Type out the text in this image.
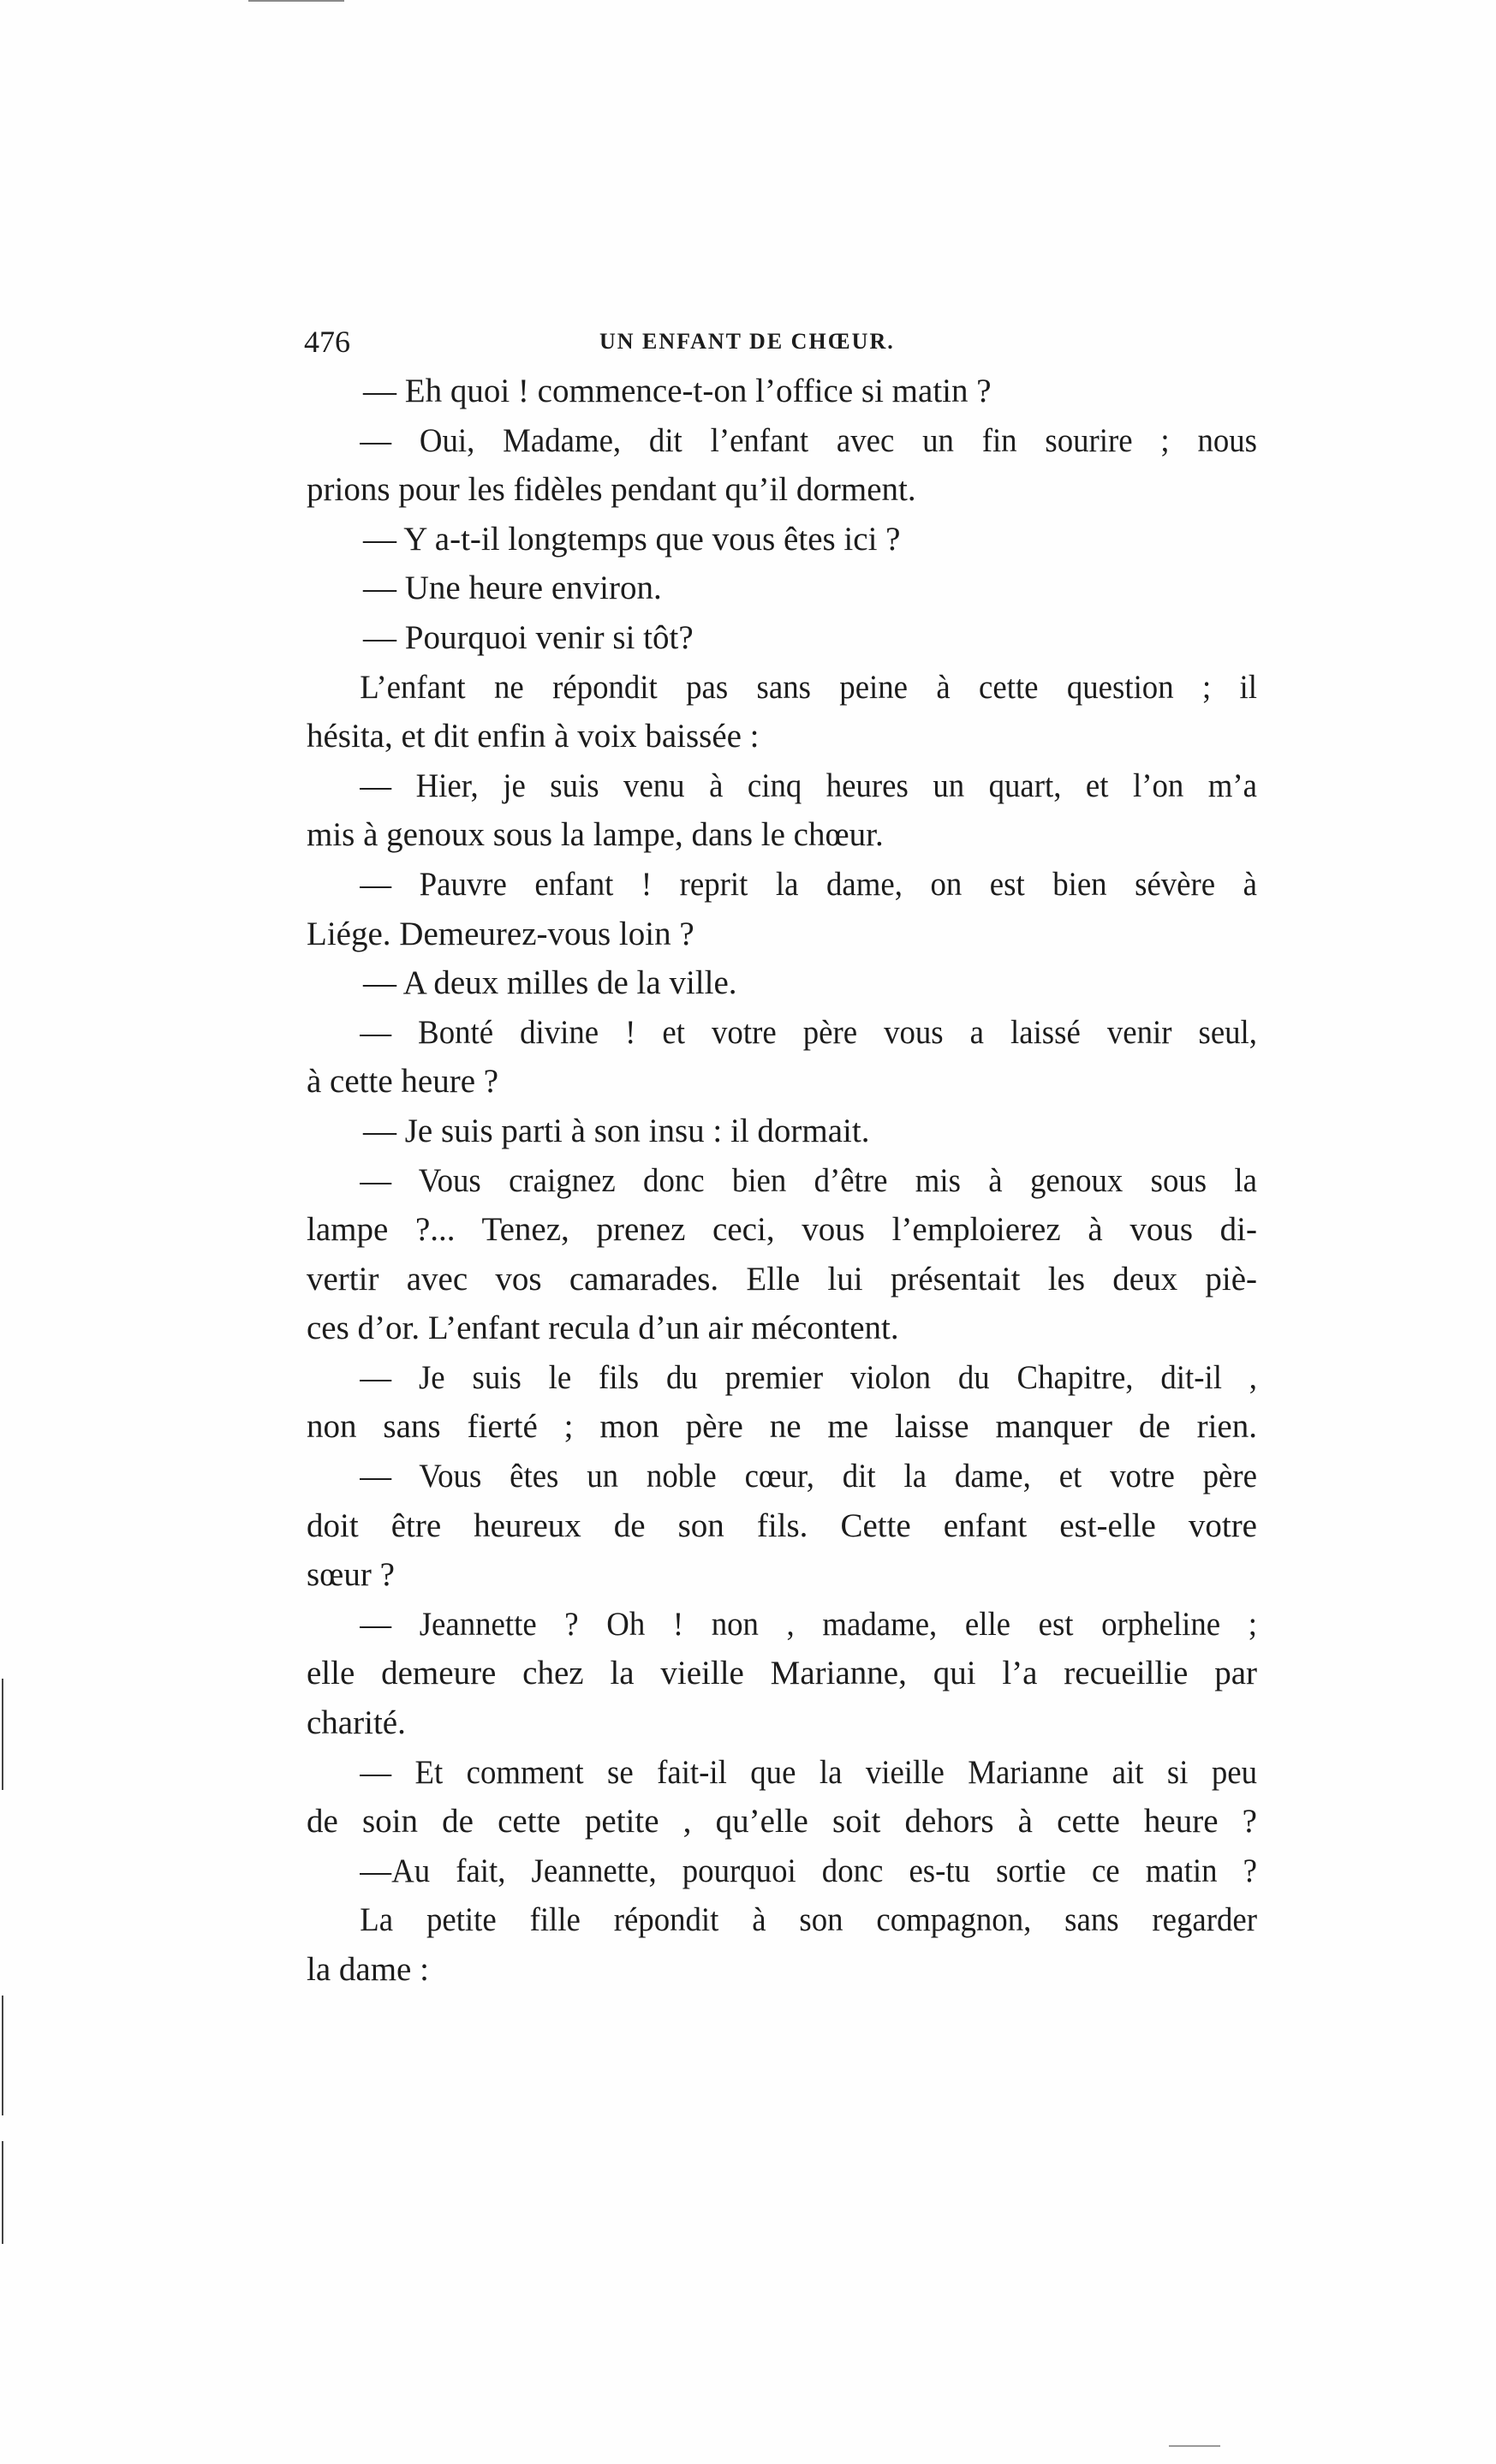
476	UN ENFANT DE CHŒUR.
— Eh quoi ! commence-t-on l’office si matin ?
— Oui, Madame, dit l’enfant avec un fin sourire ; nous
prions pour les fidèles pendant qu’il dorment.
— Y a-t-il longtemps que vous êtes ici ?
— Une heure environ.
— Pourquoi venir si tôt?
L’enfant ne répondit pas sans peine à cette question ; il
hésita, et dit enfin à voix baissée :
— Hier, je suis venu à cinq heures un quart, et l’on m’a
mis à genoux sous la lampe, dans le chœur.
— Pauvre enfant ! reprit la dame, on est bien sévère à
Liége. Demeurez-vous loin ?
— A deux milles de la ville.
— Bonté divine ! et votre père vous a laissé venir seul,
à cette heure ?
— Je suis parti à son insu : il dormait.
— Vous craignez donc bien d’être mis à genoux sous la
lampe ?... Tenez, prenez ceci, vous l’emploierez à vous di-
vertir avec vos camarades. Elle lui présentait les deux piè-
ces d’or. L’enfant recula d’un air mécontent.
— Je suis le fils du premier violon du Chapitre, dit-il ,
non sans fierté ; mon père ne me laisse manquer de rien.
— Vous êtes un noble cœur, dit la dame, et votre père
doit être heureux de son fils. Cette enfant est-elle votre
sœur ?
— Jeannette ? Oh ! non , madame, elle est orpheline ;
elle demeure chez la vieille Marianne, qui l’a recueillie par
charité.
— Et comment se fait-il que la vieille Marianne ait si peu
de soin de cette petite , qu’elle soit dehors à cette heure ?
—Au fait, Jeannette, pourquoi donc es-tu sortie ce matin ?
La petite fille répondit à son compagnon, sans regarder
la dame :
